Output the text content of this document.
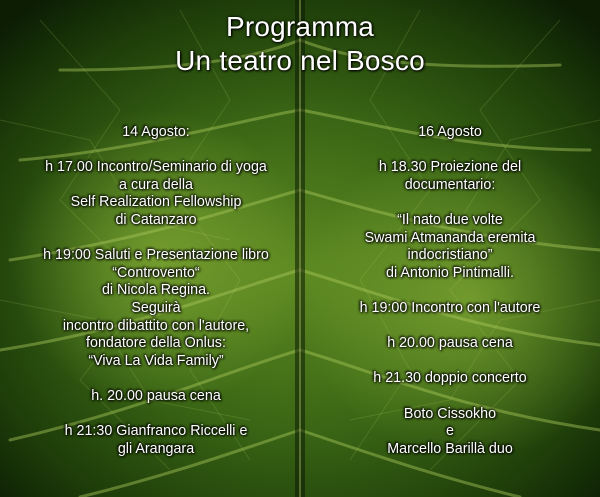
Programma
Un teatro nel Bosco
14 Agosto:
h 17.00 Incontro/Seminario di yoga
a cura della
Self Realization Fellowship
di Catanzaro
h 19:00 Saluti e Presentazione libro
“Controvento“
di Nicola Regina.
Seguirà
incontro dibattito con l'autore,
fondatore della Onlus:
“Viva La Vida Family”
h. 20.00 pausa cena
h 21:30 Gianfranco Riccelli e
gli Arangara
16 Agosto
h 18.30 Proiezione del
documentario:
“Il nato due volte
Swami Atmananda eremita
indocristiano”
di Antonio Pintimalli.
h 19:00 Incontro con l'autore
h 20.00 pausa cena
h 21.30 doppio concerto
Boto Cissokho
e
Marcello Barillà duo
